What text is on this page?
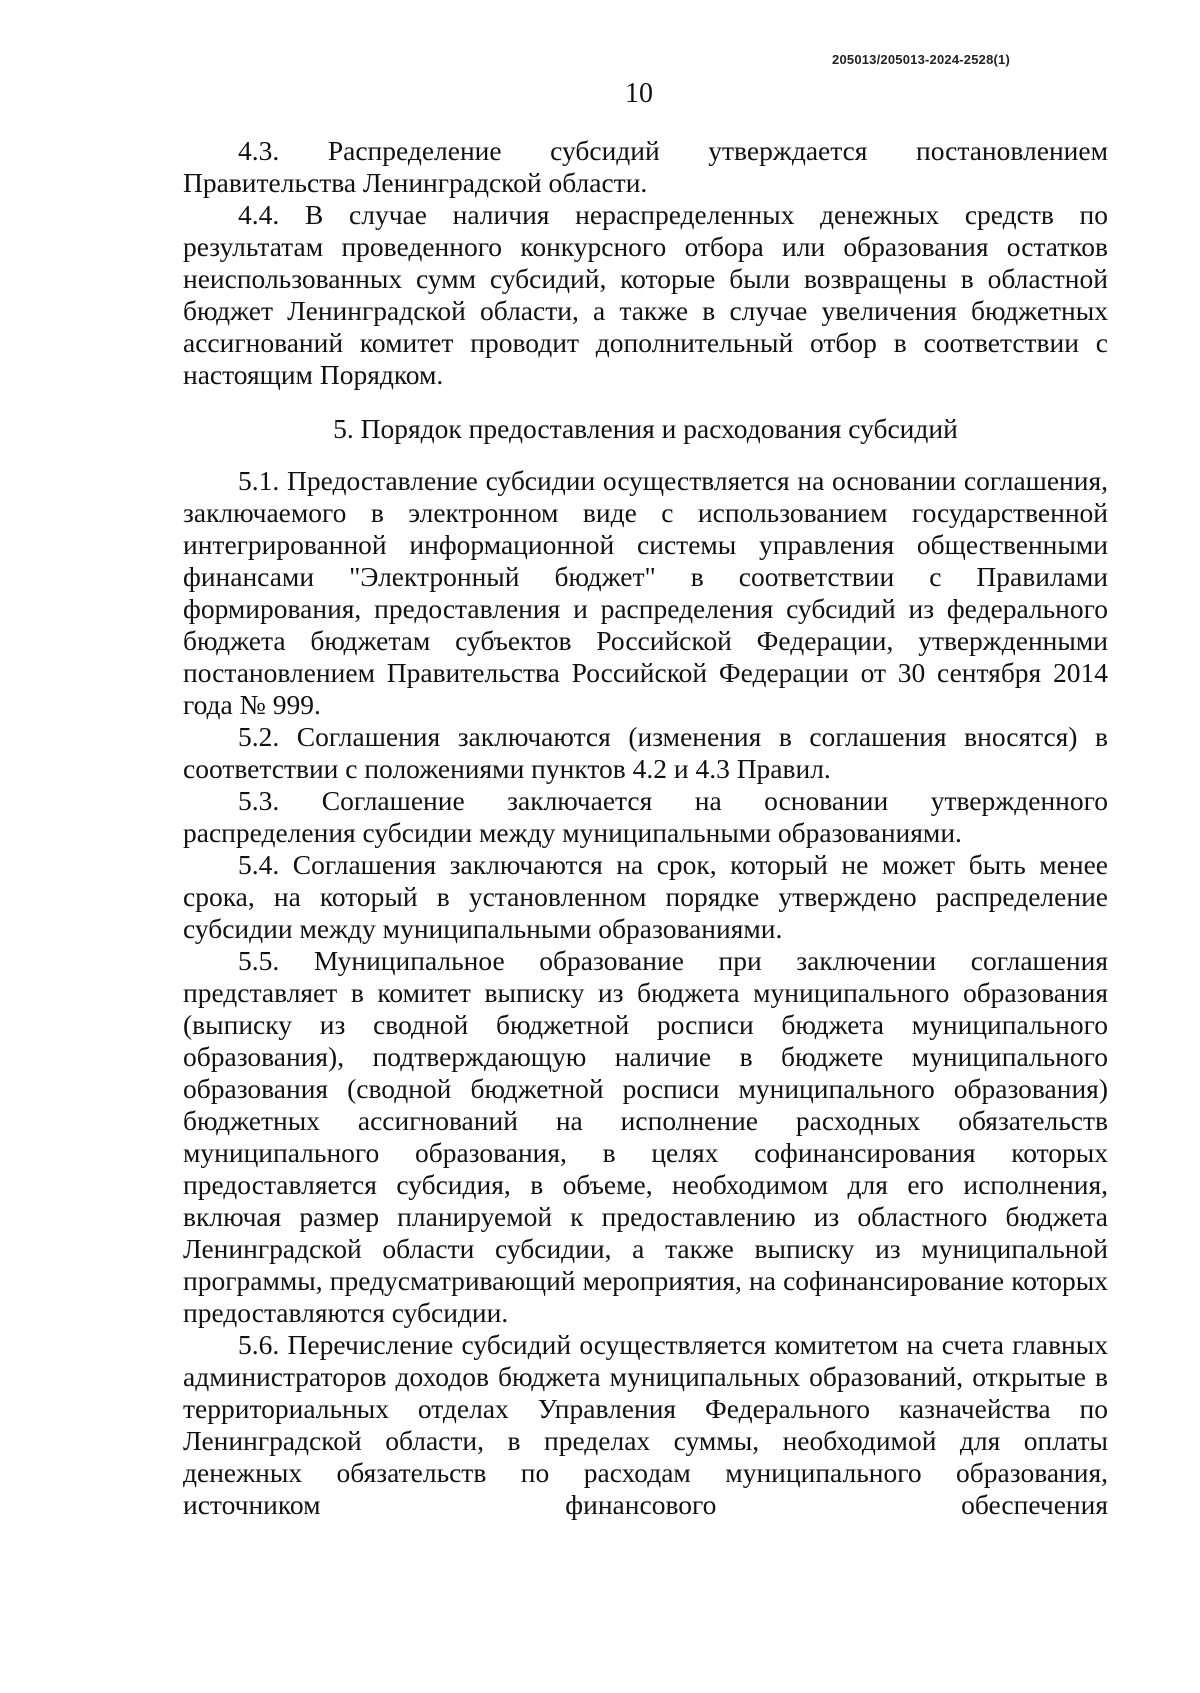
205013/205013-2024-2528(1)
10

4.3. Распределение субсидий утверждается постановлением Правительства Ленинградской области.

4.4. В случае наличия нераспределенных денежных средств по результатам проведенного конкурсного отбора или образования остатков неиспользованных сумм субсидий, которые были возвращены в областной бюджет Ленинградской области, а также в случае увеличения бюджетных ассигнований комитет проводит дополнительный отбор в соответствии с настоящим Порядком.

5. Порядок предоставления и расходования субсидий

5.1. Предоставление субсидии осуществляется на основании соглашения, заключаемого в электронном виде с использованием государственной интегрированной информационной системы управления общественными финансами "Электронный бюджет" в соответствии с Правилами формирования, предоставления и распределения субсидий из федерального бюджета бюджетам субъектов Российской Федерации, утвержденными постановлением Правительства Российской Федерации от 30 сентября 2014 года № 999.

5.2. Соглашения заключаются (изменения в соглашения вносятся) в соответствии с положениями пунктов 4.2 и 4.3 Правил.

5.3. Соглашение заключается на основании утвержденного распределения субсидии между муниципальными образованиями.

5.4. Соглашения заключаются на срок, который не может быть менее срока, на который в установленном порядке утверждено распределение субсидии между муниципальными образованиями.

5.5. Муниципальное образование при заключении соглашения представляет в комитет выписку из бюджета муниципального образования (выписку из сводной бюджетной росписи бюджета муниципального образования), подтверждающую наличие в бюджете муниципального образования (сводной бюджетной росписи муниципального образования) бюджетных ассигнований на исполнение расходных обязательств муниципального образования, в целях софинансирования которых предоставляется субсидия, в объеме, необходимом для его исполнения, включая размер планируемой к предоставлению из областного бюджета Ленинградской области субсидии, а также выписку из муниципальной программы, предусматривающий мероприятия, на софинансирование которых предоставляются субсидии.

5.6. Перечисление субсидий осуществляется комитетом на счета главных администраторов доходов бюджета муниципальных образований, открытые в территориальных отделах Управления Федерального казначейства по Ленинградской области, в пределах суммы, необходимой для оплаты денежных обязательств по расходам муниципального образования, источником финансового обеспечения
